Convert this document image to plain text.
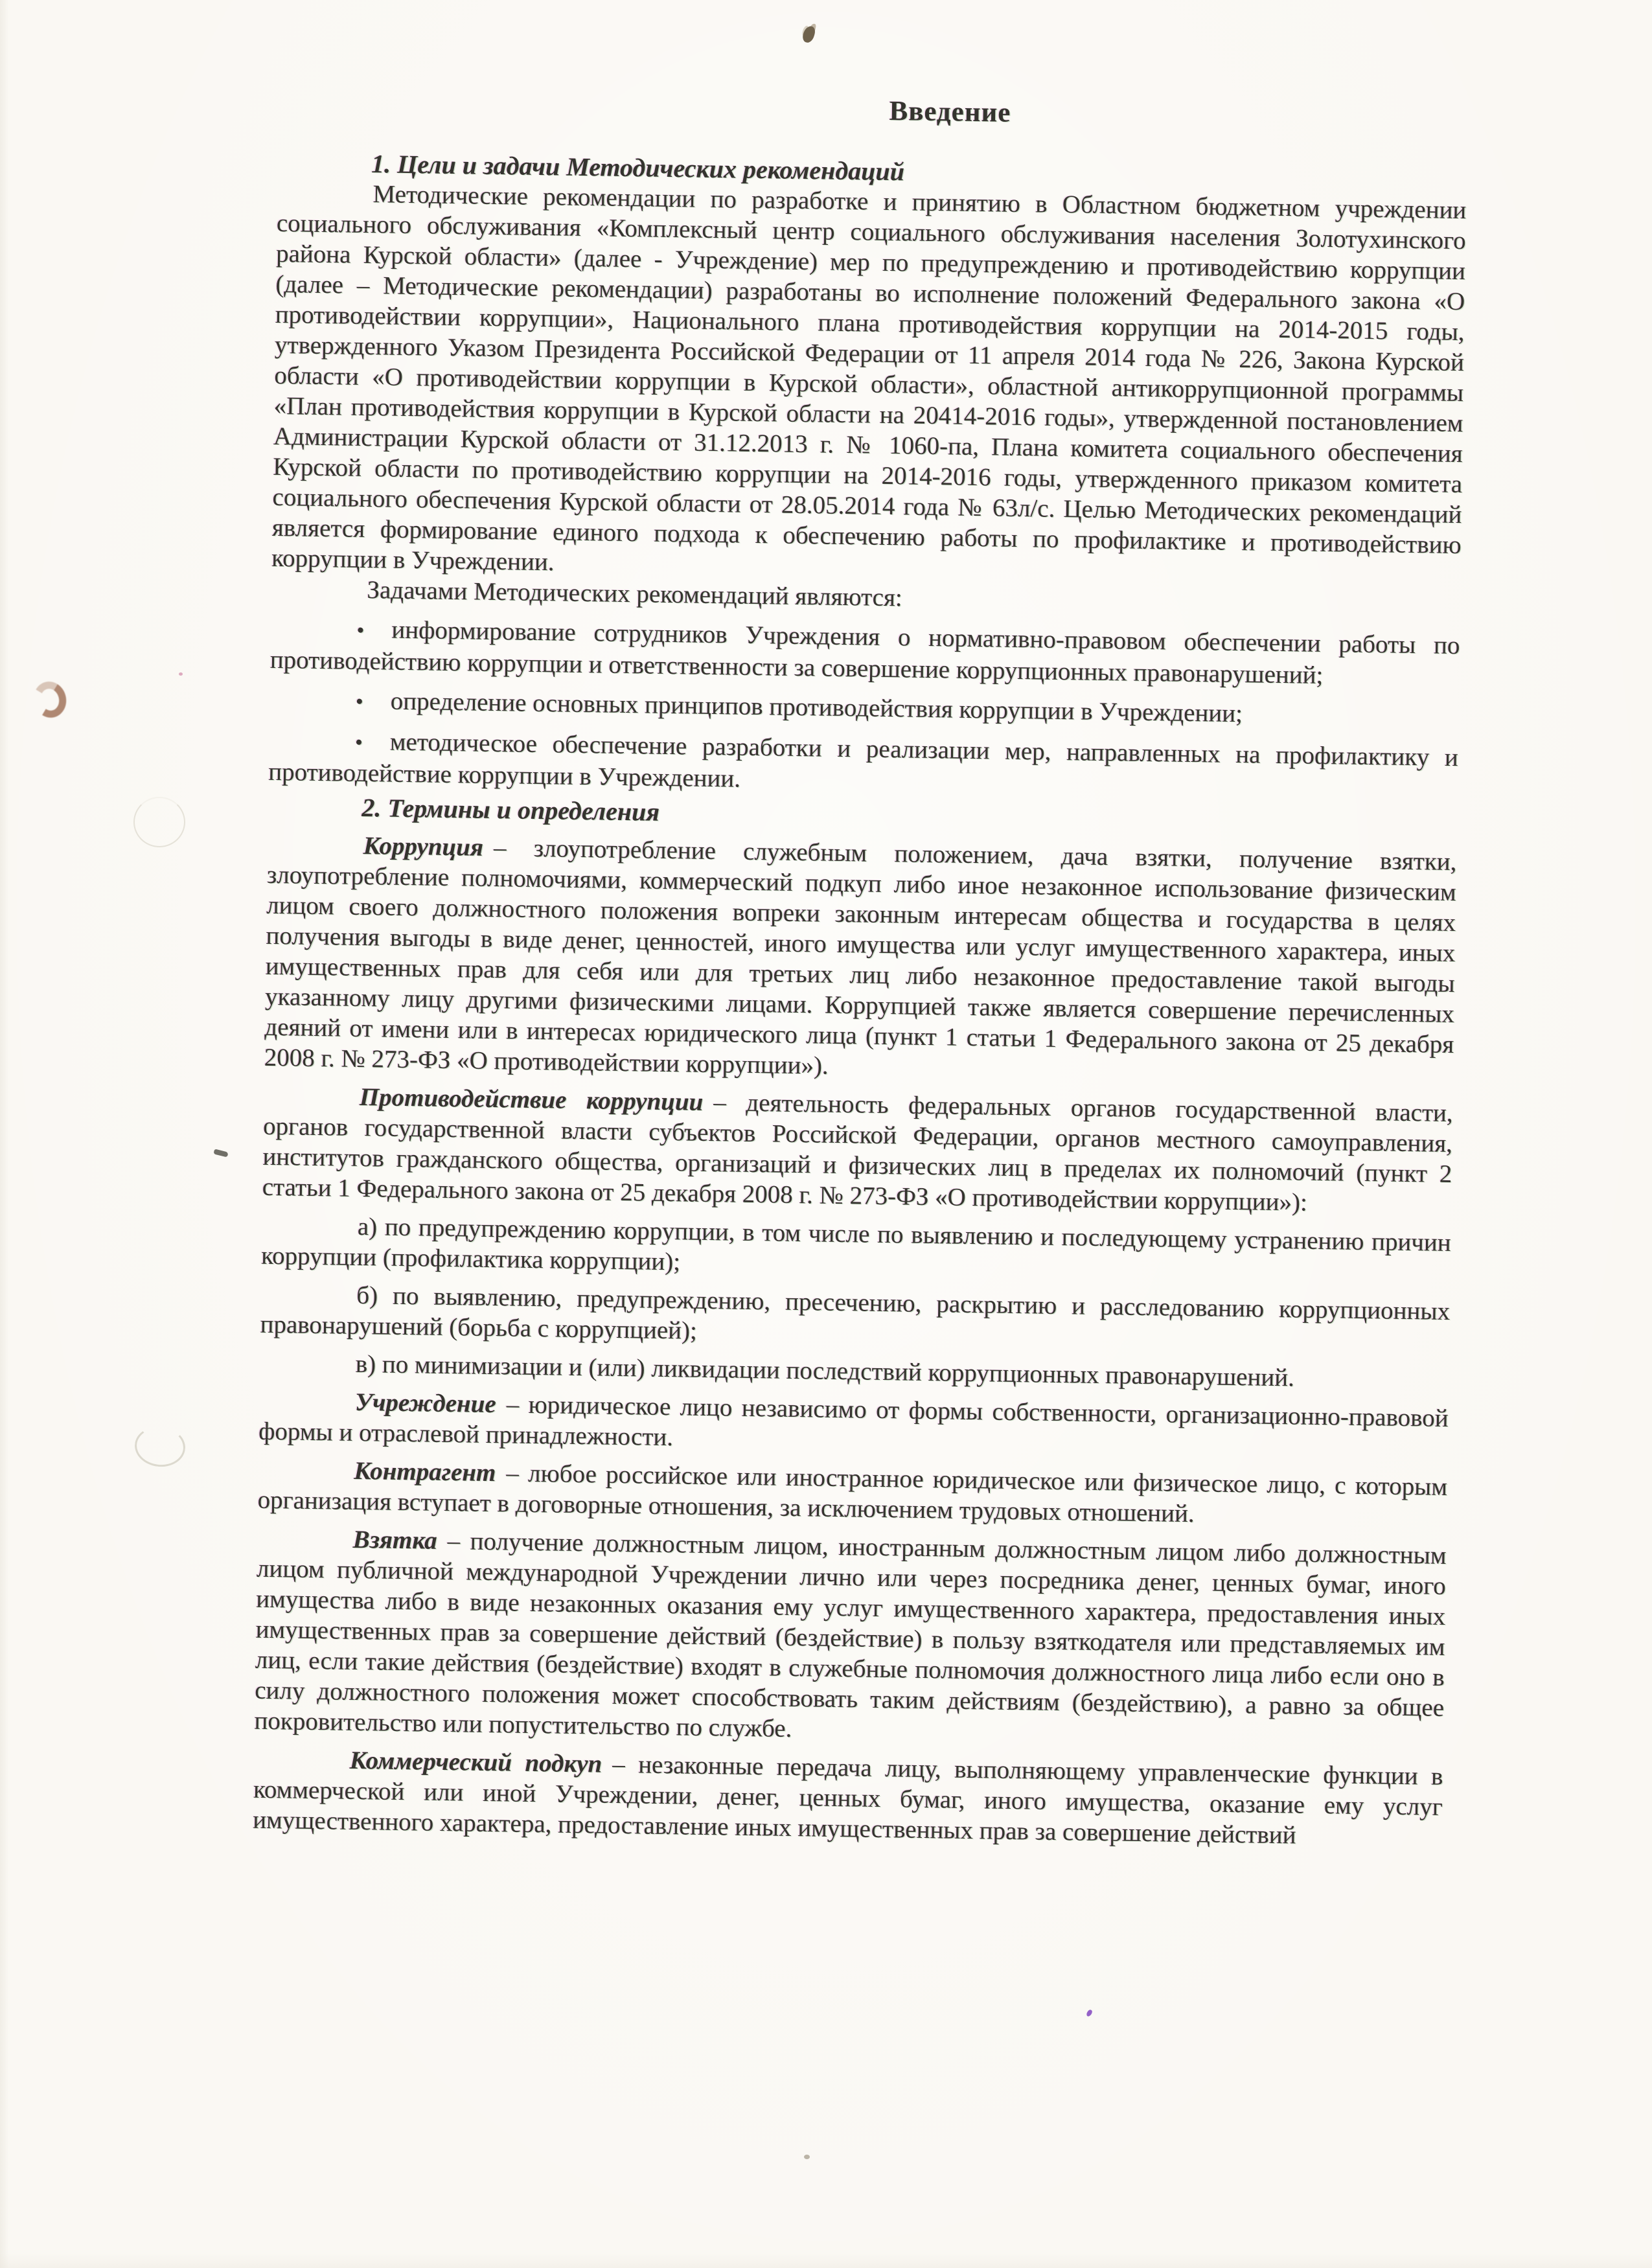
Введение
1. Цели и задачи Методических рекомендаций

Методические рекомендации по разработке и принятию в Областном бюджетном учреждении социального обслуживания «Комплексный центр социального обслуживания населения Золотухинского района Курской области» (далее - Учреждение) мер по предупреждению и противодействию коррупции (далее – Методические рекомендации) разработаны во исполнение положений Федерального закона «О противодействии коррупции», Национального плана противодействия коррупции на 2014-2015 годы, утвержденного Указом Президента Российской Федерации от 11 апреля 2014 года № 226, Закона Курской области «О противодействии коррупции в Курской области», областной антикоррупционной программы «План противодействия коррупции в Курской области на 20414-2016 годы», утвержденной постановлением Администрации Курской области от 31.12.2013 г. № 1060-па, Плана комитета социального обеспечения Курской области по противодействию коррупции на 2014-2016 годы, утвержденного приказом комитета социального обеспечения Курской области от 28.05.2014 года № 63л/с. Целью Методических рекомендаций является формирование единого подхода к обеспечению работы по профилактике и противодействию коррупции в Учреждении.

Задачами Методических рекомендаций являются:

• информирование сотрудников Учреждения о нормативно-правовом обеспечении работы по противодействию коррупции и ответственности за совершение коррупционных правонарушений;

• определение основных принципов противодействия коррупции в Учреждении;

• методическое обеспечение разработки и реализации мер, направленных на профилактику и противодействие коррупции в Учреждении.

2. Термины и определения

Коррупция – злоупотребление служебным положением, дача взятки, получение взятки, злоупотребление полномочиями, коммерческий подкуп либо иное незаконное использование физическим лицом своего должностного положения вопреки законным интересам общества и государства в целях получения выгоды в виде денег, ценностей, иного имущества или услуг имущественного характера, иных имущественных прав для себя или для третьих лиц либо незаконное предоставление такой выгоды указанному лицу другими физическими лицами. Коррупцией также является совершение перечисленных деяний от имени или в интересах юридического лица (пункт 1 статьи 1 Федерального закона от 25 декабря 2008 г. № 273-ФЗ «О противодействии коррупции»).

Противодействие коррупции – деятельность федеральных органов государственной власти, органов государственной власти субъектов Российской Федерации, органов местного самоуправления, институтов гражданского общества, организаций и физических лиц в пределах их полномочий (пункт 2 статьи 1 Федерального закона от 25 декабря 2008 г. № 273-ФЗ «О противодействии коррупции»):

а) по предупреждению коррупции, в том числе по выявлению и последующему устранению причин коррупции (профилактика коррупции);

б) по выявлению, предупреждению, пресечению, раскрытию и расследованию коррупционных правонарушений (борьба с коррупцией);

в) по минимизации и (или) ликвидации последствий коррупционных правонарушений.

Учреждение – юридическое лицо независимо от формы собственности, организационно-правовой формы и отраслевой принадлежности.

Контрагент – любое российское или иностранное юридическое или физическое лицо, с которым организация вступает в договорные отношения, за исключением трудовых отношений.

Взятка – получение должностным лицом, иностранным должностным лицом либо должностным лицом публичной международной Учреждении лично или через посредника денег, ценных бумаг, иного имущества либо в виде незаконных оказания ему услуг имущественного характера, предоставления иных имущественных прав за совершение действий (бездействие) в пользу взяткодателя или представляемых им лиц, если такие действия (бездействие) входят в служебные полномочия должностного лица либо если оно в силу должностного положения может способствовать таким действиям (бездействию), а равно за общее покровительство или попустительство по службе.

Коммерческий подкуп – незаконные передача лицу, выполняющему управленческие функции в коммерческой или иной Учреждении, денег, ценных бумаг, иного имущества, оказание ему услуг имущественного характера, предоставление иных имущественных прав за совершение действий
